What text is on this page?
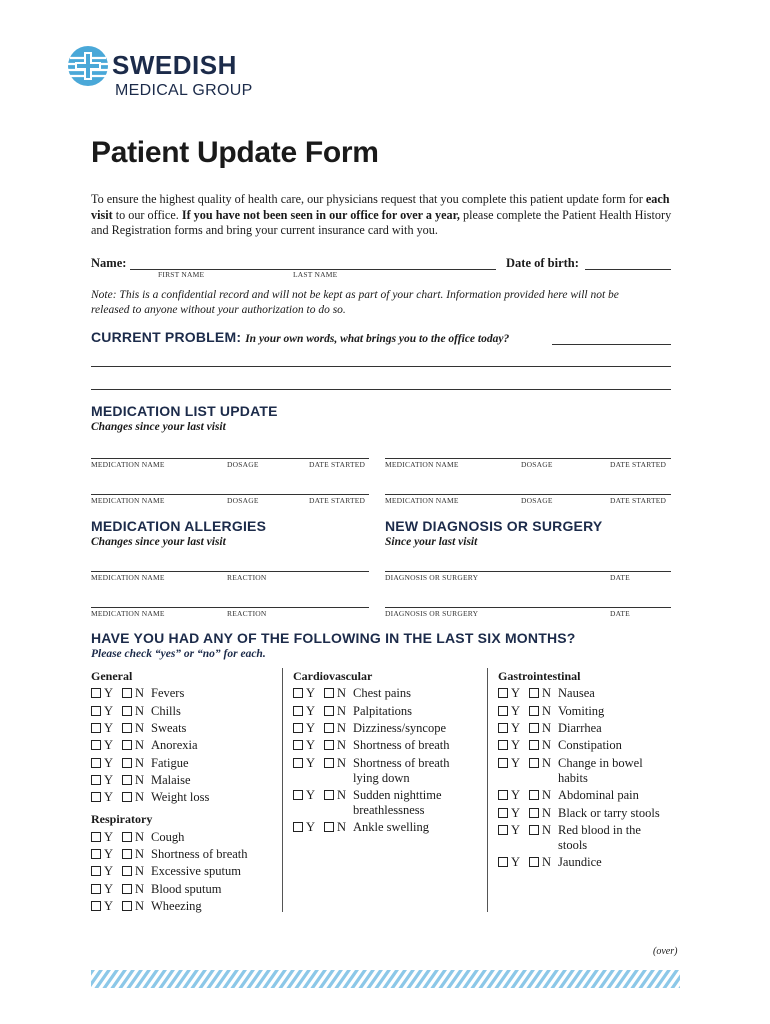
SWEDISH
MEDICAL GROUP
Patient Update Form
To ensure the highest quality of health care, our physicians request that you complete this patient update form for each visit to our office. If you have not been seen in our office for over a year, please complete the Patient Health History and Registration forms and bring your current insurance card with you.
Name:
FIRST NAME	LAST NAME
Date of birth:
Note: This is a confidential record and will not be kept as part of your chart. Information provided here will not be released to anyone without your authorization to do so.
CURRENT PROBLEM: In your own words, what brings you to the office today?
MEDICATION LIST UPDATE
Changes since your last visit
MEDICATION NAME	DOSAGE	DATE STARTED	MEDICATION NAME	DOSAGE	DATE STARTED
MEDICATION NAME	DOSAGE	DATE STARTED	MEDICATION NAME	DOSAGE	DATE STARTED
MEDICATION ALLERGIES
Changes since your last visit
MEDICATION NAME	REACTION
MEDICATION NAME	REACTION
NEW DIAGNOSIS OR SURGERY
Since your last visit
DIAGNOSIS OR SURGERY	DATE
DIAGNOSIS OR SURGERY	DATE
HAVE YOU HAD ANY OF THE FOLLOWING IN THE LAST SIX MONTHS?
Please check “yes” or “no” for each.
General
Y N Fevers
Y N Chills
Y N Sweats
Y N Anorexia
Y N Fatigue
Y N Malaise
Y N Weight loss
Respiratory
Y N Cough
Y N Shortness of breath
Y N Excessive sputum
Y N Blood sputum
Y N Wheezing
Cardiovascular
Y N Chest pains
Y N Palpitations
Y N Dizziness/syncope
Y N Shortness of breath
Y N Shortness of breath lying down
Y N Sudden nighttime breathlessness
Y N Ankle swelling
Gastrointestinal
Y N Nausea
Y N Vomiting
Y N Diarrhea
Y N Constipation
Y N Change in bowel habits
Y N Abdominal pain
Y N Black or tarry stools
Y N Red blood in the stools
Y N Jaundice
(over)
